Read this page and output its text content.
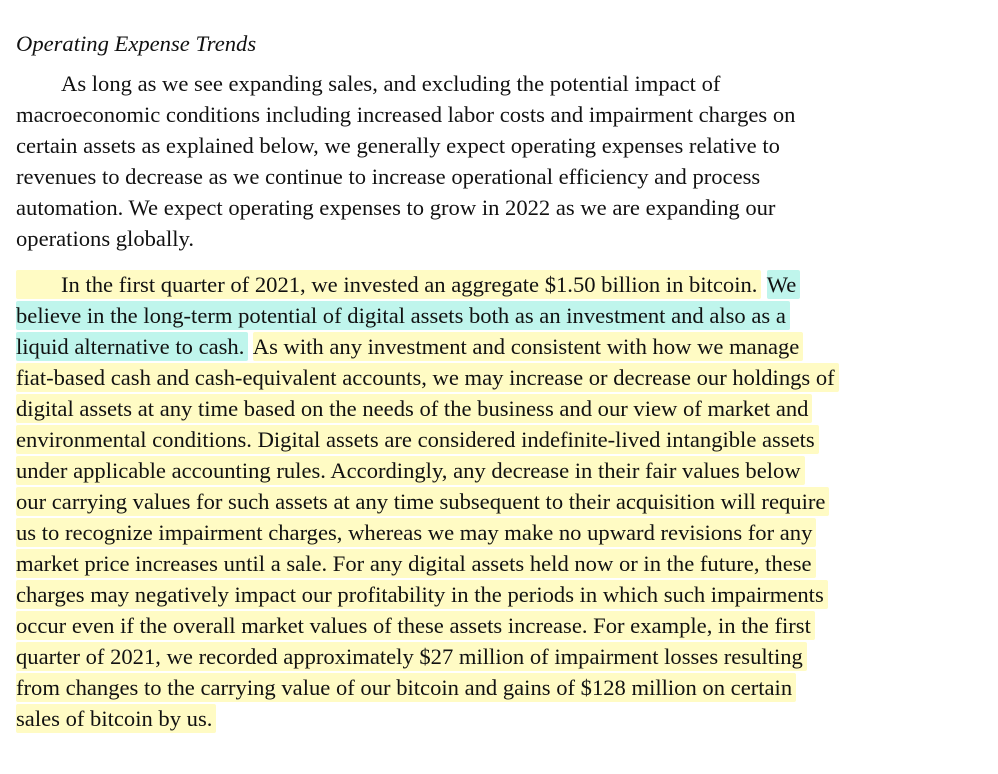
Operating Expense Trends

As long as we see expanding sales, and excluding the potential impact of
macroeconomic conditions including increased labor costs and impairment charges on
certain assets as explained below, we generally expect operating expenses relative to
revenues to decrease as we continue to increase operational efficiency and process
automation. We expect operating expenses to grow in 2022 as we are expanding our
operations globally.

In the first quarter of 2021, we invested an aggregate $1.50 billion in bitcoin. We
believe in the long-term potential of digital assets both as an investment and also as a
liquid alternative to cash. As with any investment and consistent with how we manage
fiat-based cash and cash-equivalent accounts, we may increase or decrease our holdings of
digital assets at any time based on the needs of the business and our view of market and
environmental conditions. Digital assets are considered indefinite-lived intangible assets
under applicable accounting rules. Accordingly, any decrease in their fair values below
our carrying values for such assets at any time subsequent to their acquisition will require
us to recognize impairment charges, whereas we may make no upward revisions for any
market price increases until a sale. For any digital assets held now or in the future, these
charges may negatively impact our profitability in the periods in which such impairments
occur even if the overall market values of these assets increase. For example, in the first
quarter of 2021, we recorded approximately $27 million of impairment losses resulting
from changes to the carrying value of our bitcoin and gains of $128 million on certain
sales of bitcoin by us.
